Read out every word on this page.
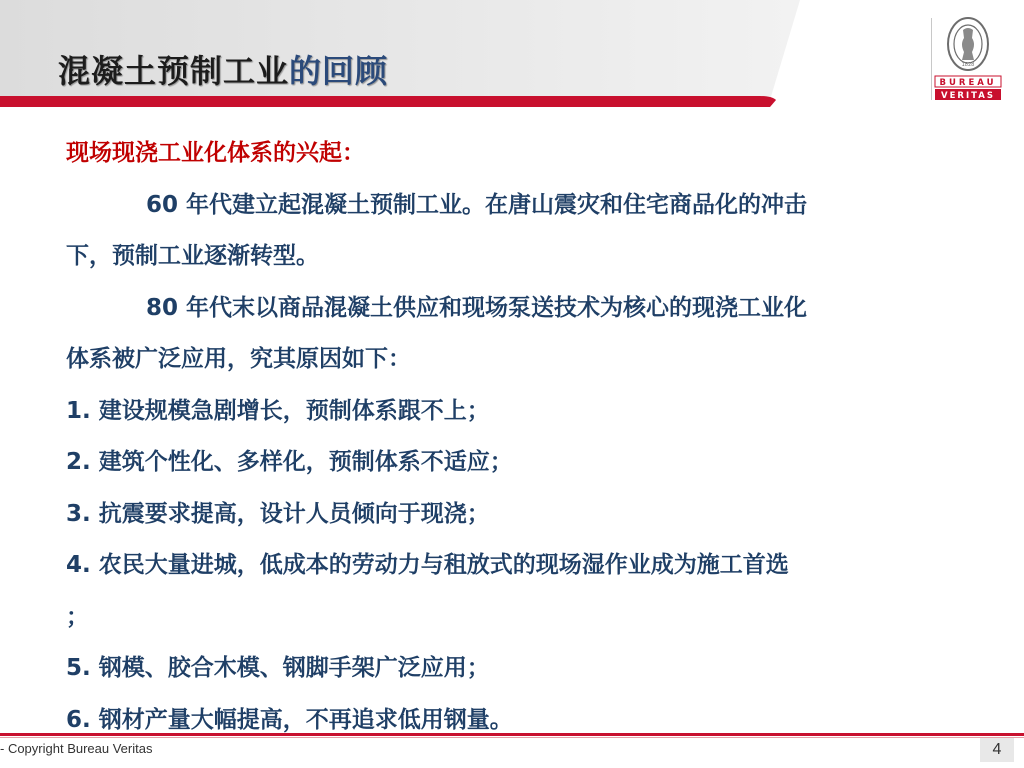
混凝土预制工业的回顾	1828
BUREAU
VERITAS
现场现浇工业化体系的兴起：
60 年代建立起混凝土预制工业。在唐山震灾和住宅商品化的冲击
下，预制工业逐渐转型。
80 年代末以商品混凝土供应和现场泵送技术为核心的现浇工业化
体系被广泛应用，究其原因如下：
1. 建设规模急剧增长，预制体系跟不上；
2. 建筑个性化、多样化，预制体系不适应；
3. 抗震要求提高，设计人员倾向于现浇；
4. 农民大量进城，低成本的劳动力与租放式的现场湿作业成为施工首选
；
5. 钢模、胶合木模、钢脚手架广泛应用；
6. 钢材产量大幅提高，不再追求低用钢量。
- Copyright Bureau Veritas	4
